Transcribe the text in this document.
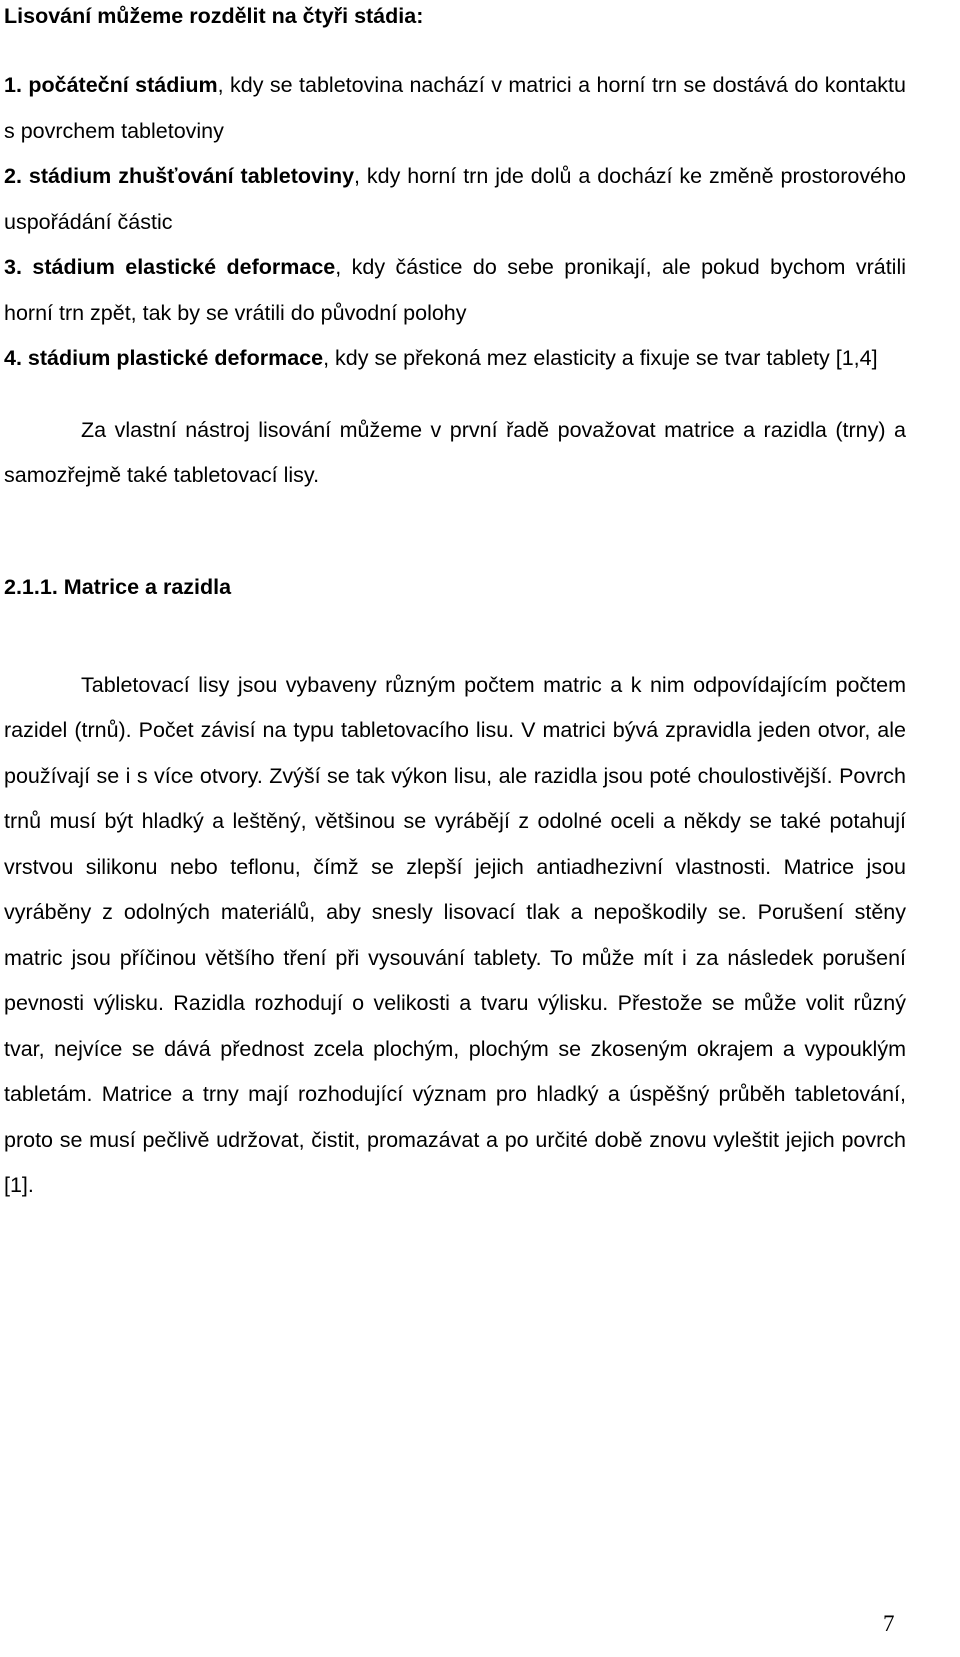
Lisování můžeme rozdělit na čtyři stádia:
1. počáteční stádium, kdy se tabletovina nachází v matrici a horní trn se dostává do kontaktu s povrchem tabletoviny
2. stádium zhušťování tabletoviny, kdy horní trn jde dolů a dochází ke změně prostorového uspořádání částic
3. stádium elastické deformace, kdy částice do sebe pronikají, ale pokud bychom vrátili horní trn zpět, tak by se vrátili do původní polohy
4. stádium plastické deformace, kdy se překoná mez elasticity a fixuje se tvar tablety [1,4]

Za vlastní nástroj lisování můžeme v první řadě považovat matrice a razidla (trny) a samozřejmě také tabletovací lisy.

2.1.1. Matrice a razidla

Tabletovací lisy jsou vybaveny různým počtem matric a k nim odpovídajícím počtem razidel (trnů). Počet závisí na typu tabletovacího lisu. V matrici bývá zpravidla jeden otvor, ale používají se i s více otvory. Zvýší se tak výkon lisu, ale razidla jsou poté choulostivější. Povrch trnů musí být hladký a leštěný, většinou se vyrábějí z odolné oceli a někdy se také potahují vrstvou silikonu nebo teflonu, čímž se zlepší jejich antiadhezivní vlastnosti. Matrice jsou vyráběny z odolných materiálů, aby snesly lisovací tlak a nepoškodily se. Porušení stěny matric jsou příčinou většího tření při vysouvání tablety. To může mít i za následek porušení pevnosti výlisku. Razidla rozhodují o velikosti a tvaru výlisku. Přestože se může volit různý tvar, nejvíce se dává přednost zcela plochým, plochým se zkoseným okrajem a vypouklým tabletám. Matrice a trny mají rozhodující význam pro hladký a úspěšný průběh tabletování, proto se musí pečlivě udržovat, čistit, promazávat a po určité době znovu vyleštit jejich povrch [1].

7
